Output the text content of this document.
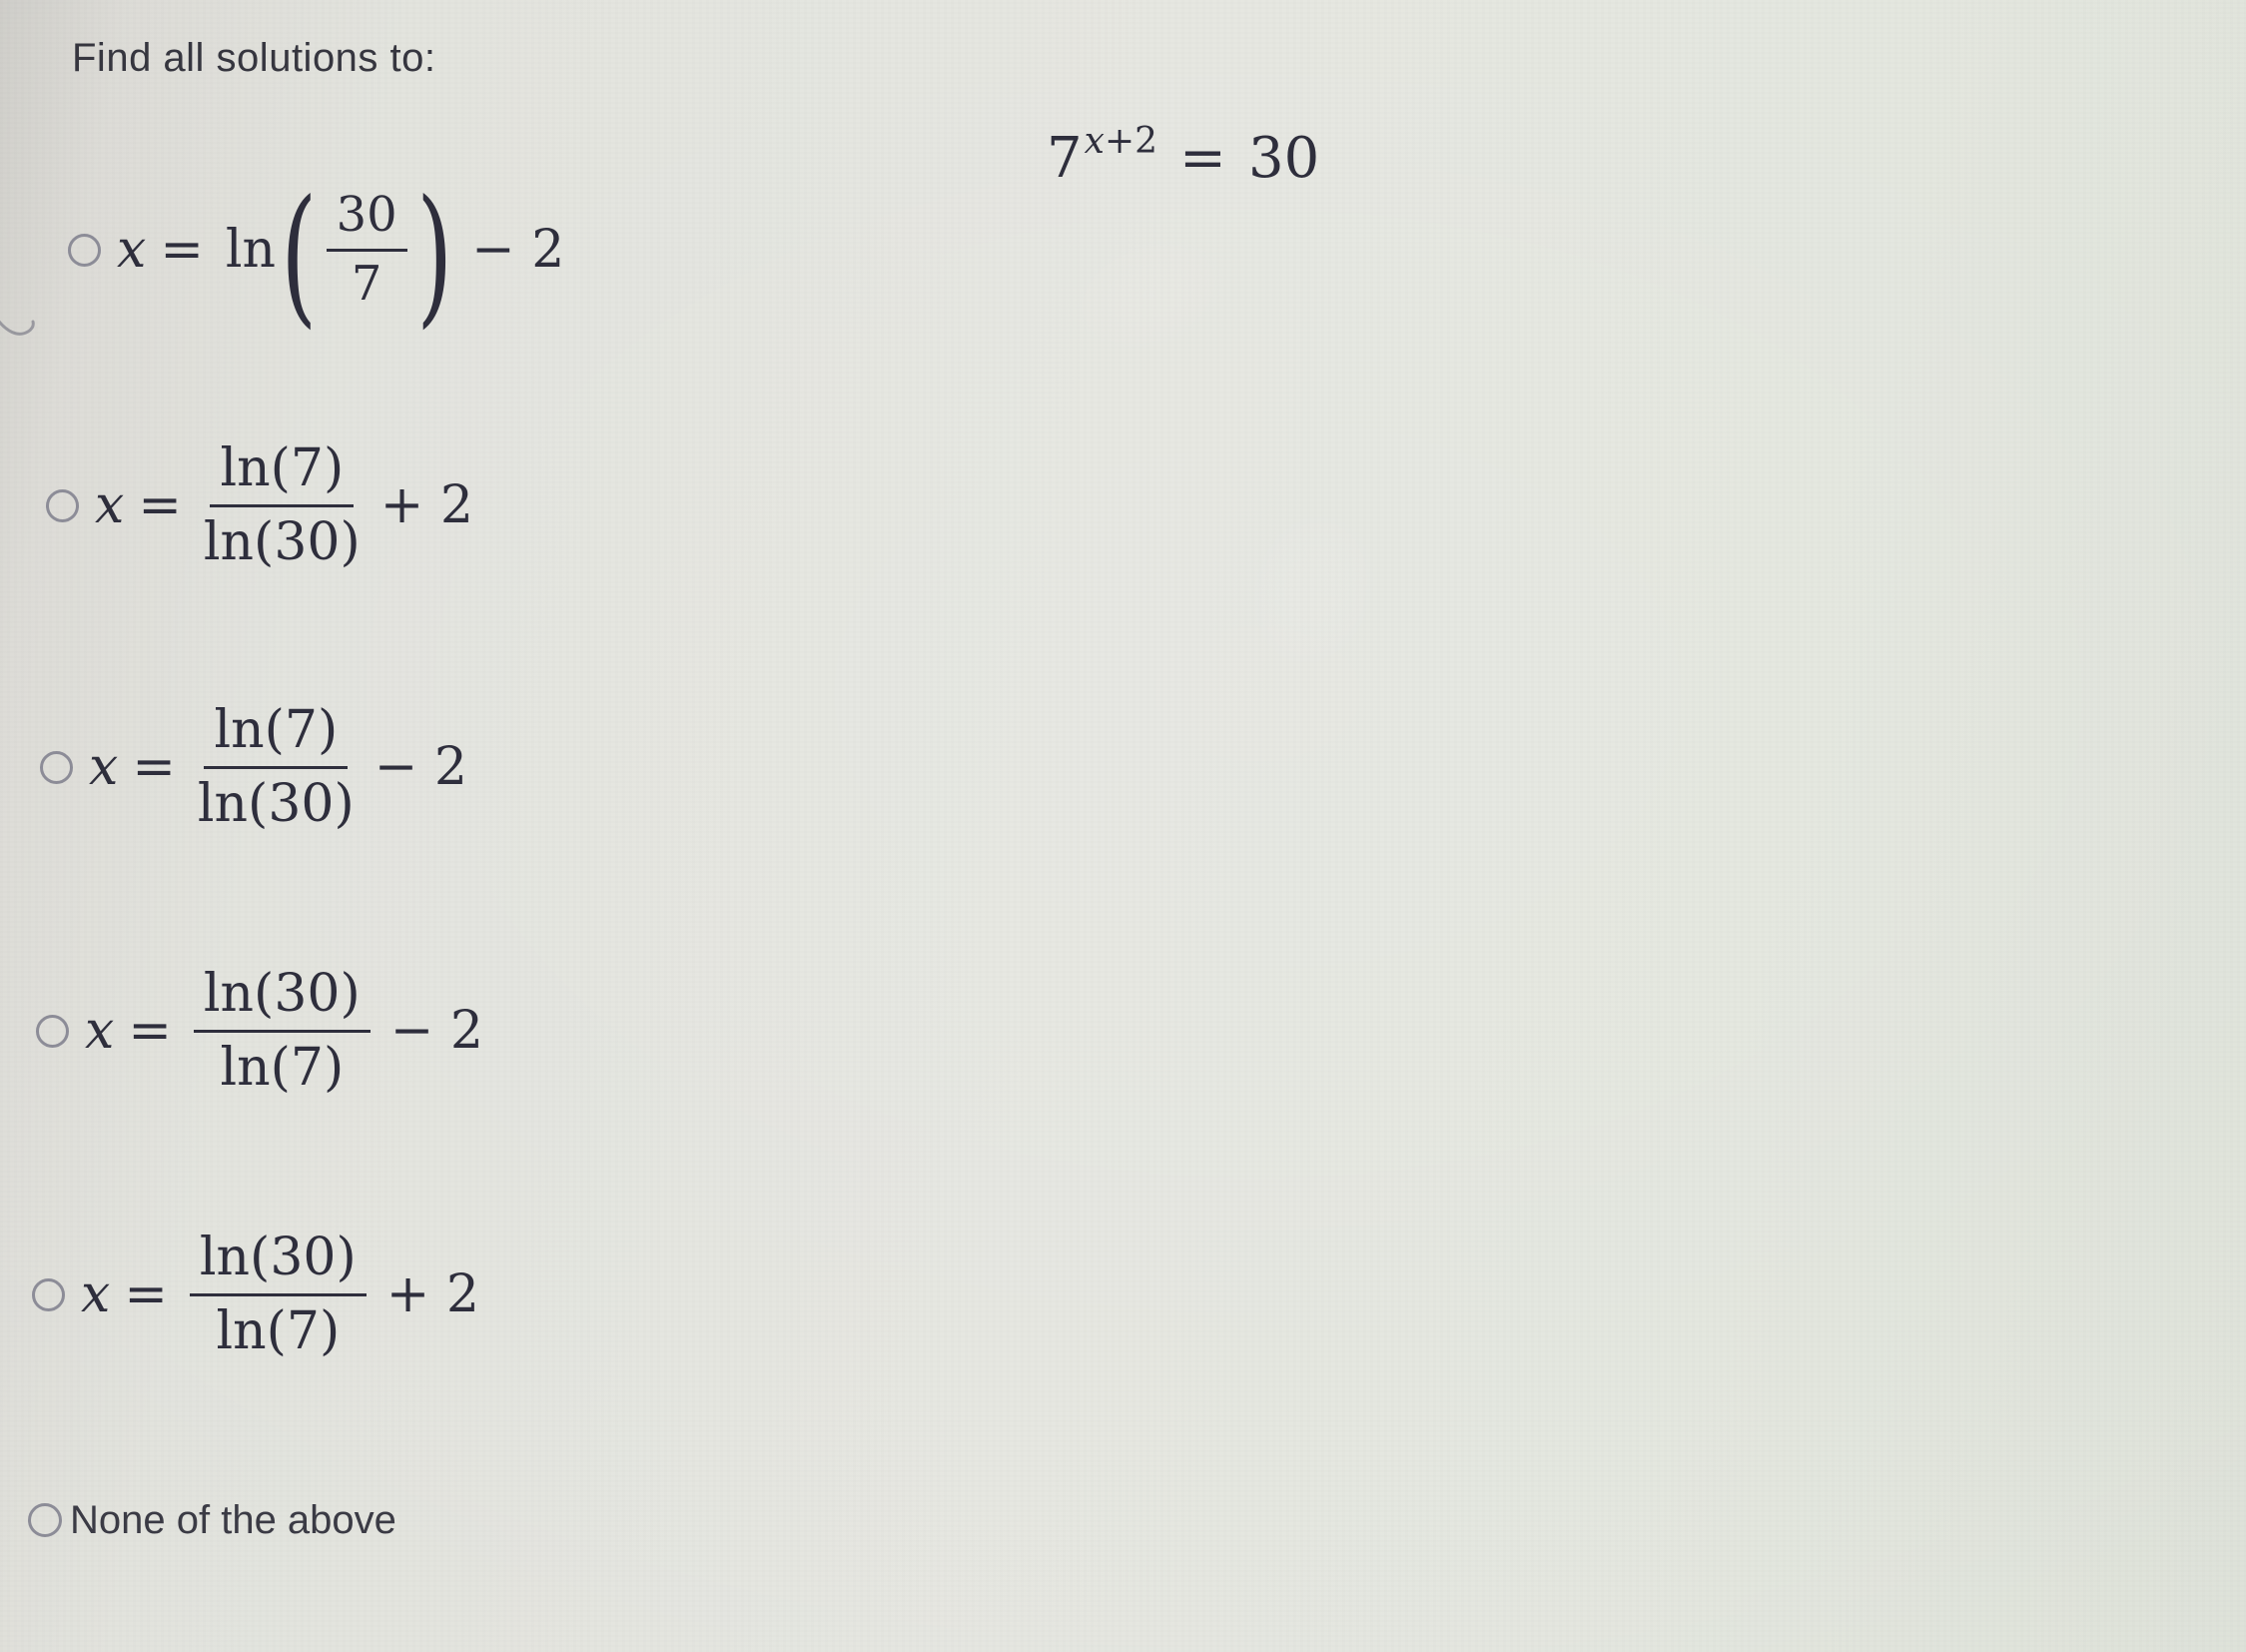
Find all solutions to:
7 x+2 = 30
x = ln ( $\frac{30}{7}$ ) − 2
$x = \frac{\ln(7)}{\ln(30)} + 2$
$x = \frac{\ln(7)}{\ln(30)} - 2$
$x = \frac{\ln(30)}{\ln(7)} - 2$
$x = \frac{\ln(30)}{\ln(7)} + 2$
None of the above
